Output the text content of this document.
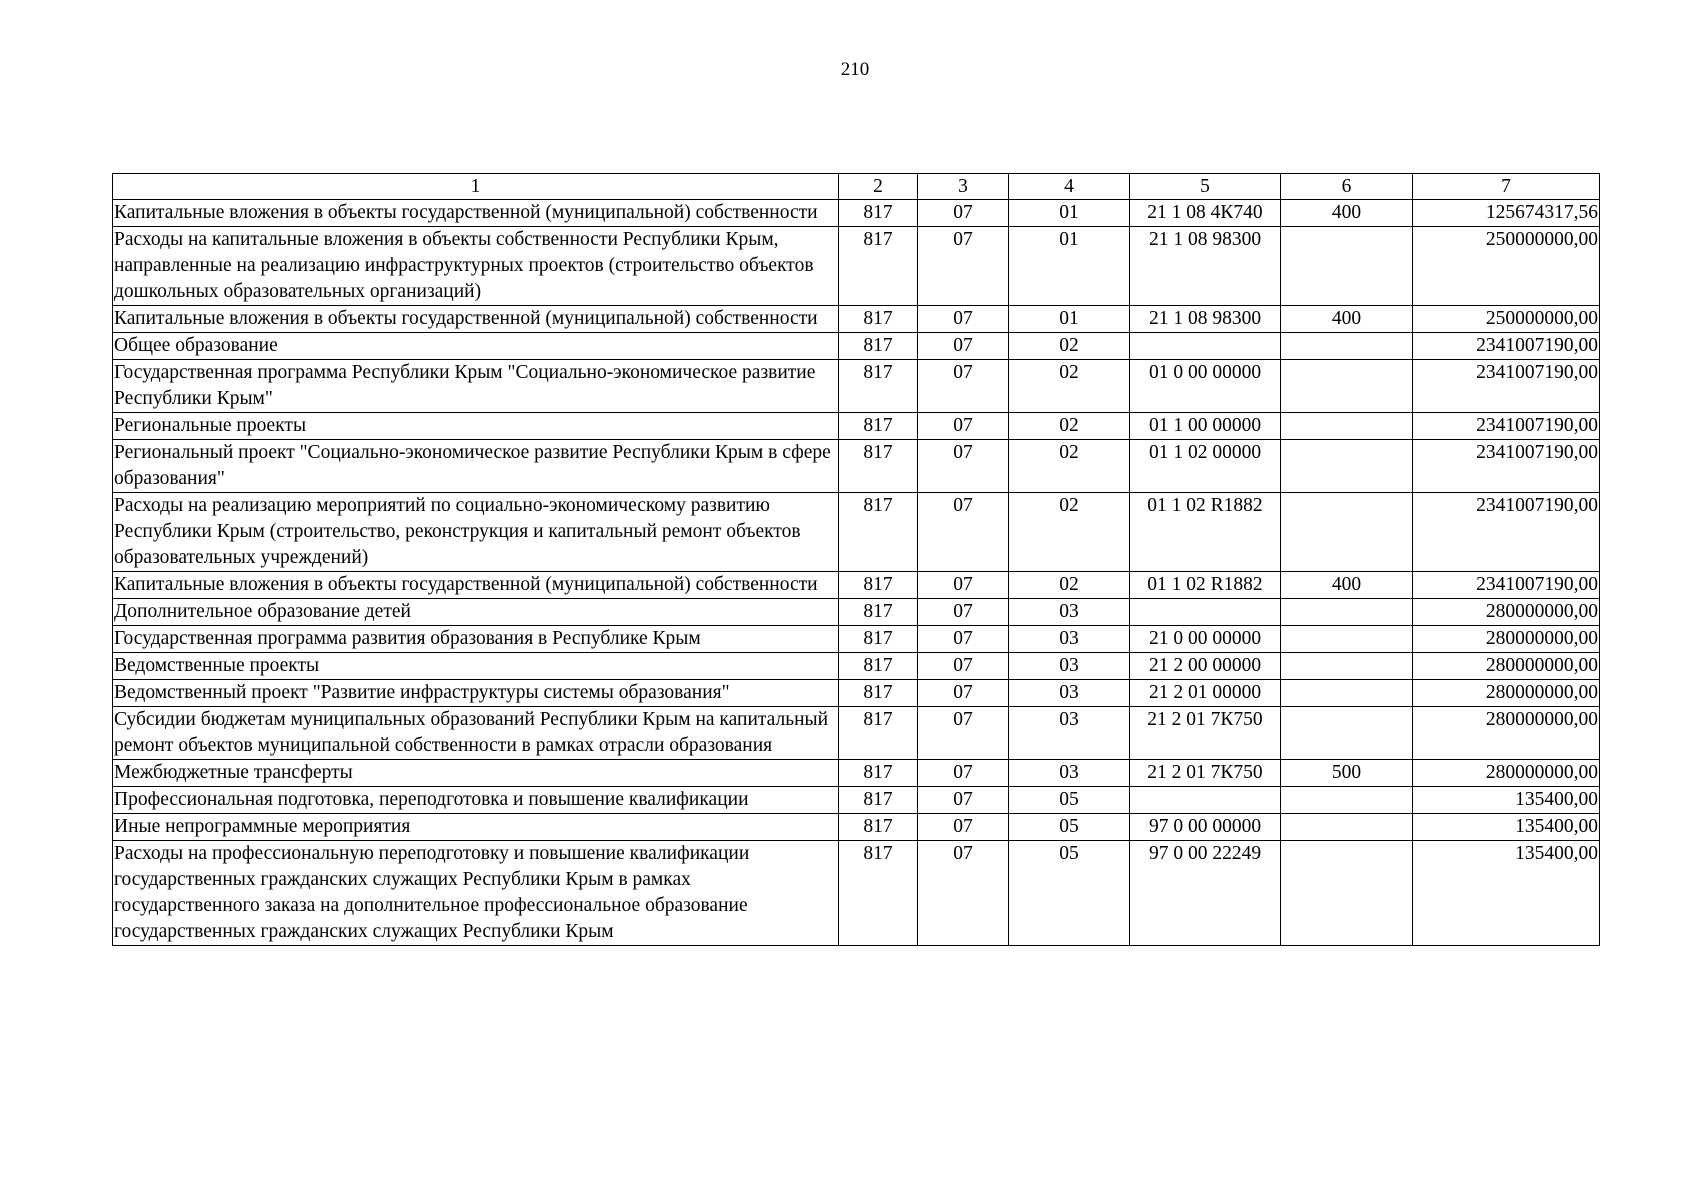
210
1	2	3	4	5	6	7
Капитальные вложения в объекты государственной (муниципальной) собственности	817	07	01	21 1 08 4К740	400	125674317,56
Расходы на капитальные вложения в объекты собственности Республики Крым, направленные на реализацию инфраструктурных проектов (строительство объектов дошкольных образовательных организаций)	817	07	01	21 1 08 98300		250000000,00
Капитальные вложения в объекты государственной (муниципальной) собственности	817	07	01	21 1 08 98300	400	250000000,00
Общее образование	817	07	02			2341007190,00
Государственная программа Республики Крым "Социально-экономическое развитие Республики Крым"	817	07	02	01 0 00 00000		2341007190,00
Региональные проекты	817	07	02	01 1 00 00000		2341007190,00
Региональный проект "Социально-экономическое развитие Республики Крым в сфере образования"	817	07	02	01 1 02 00000		2341007190,00
Расходы на реализацию мероприятий по социально-экономическому развитию Республики Крым (строительство, реконструкция и капитальный ремонт объектов образовательных учреждений)	817	07	02	01 1 02 R1882		2341007190,00
Капитальные вложения в объекты государственной (муниципальной) собственности	817	07	02	01 1 02 R1882	400	2341007190,00
Дополнительное образование детей	817	07	03			280000000,00
Государственная программа развития образования в Республике Крым	817	07	03	21 0 00 00000		280000000,00
Ведомственные проекты	817	07	03	21 2 00 00000		280000000,00
Ведомственный проект "Развитие инфраструктуры системы образования"	817	07	03	21 2 01 00000		280000000,00
Субсидии бюджетам муниципальных образований Республики Крым на капитальный ремонт объектов муниципальной собственности в рамках отрасли образования	817	07	03	21 2 01 7К750		280000000,00
Межбюджетные трансферты	817	07	03	21 2 01 7К750	500	280000000,00
Профессиональная подготовка, переподготовка и повышение квалификации	817	07	05			135400,00
Иные непрограммные мероприятия	817	07	05	97 0 00 00000		135400,00
Расходы на профессиональную переподготовку и повышение квалификации государственных гражданских служащих Республики Крым в рамках государственного заказа на дополнительное профессиональное образование государственных гражданских служащих Республики Крым	817	07	05	97 0 00 22249		135400,00
